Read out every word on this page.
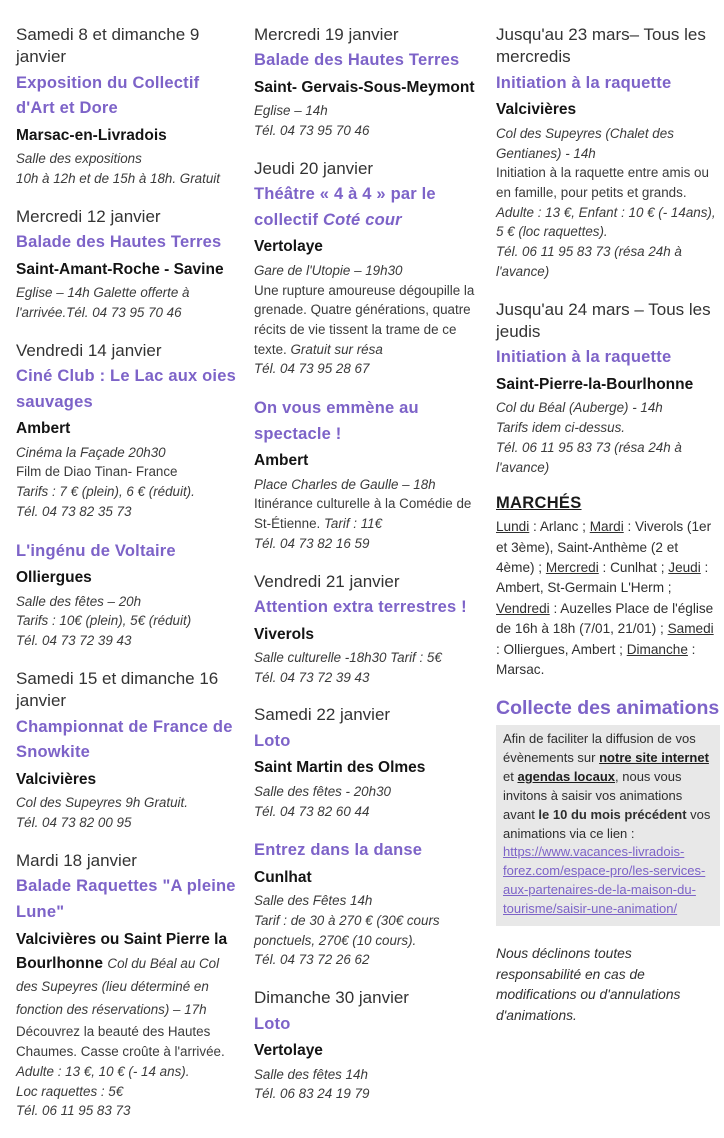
Samedi 8 et dimanche 9 janvier
Exposition du Collectif d'Art et Dore
Marsac-en-Livradois
Salle des expositions
10h à 12h et de 15h à 18h. Gratuit
Mercredi 12 janvier
Balade des Hautes Terres
Saint-Amant-Roche - Savine
Eglise – 14h Galette offerte à l'arrivée.Tél. 04 73 95 70 46
Vendredi 14 janvier
Ciné Club : Le Lac aux oies sauvages
Ambert
Cinéma la Façade 20h30
Film de Diao Tinan- France
Tarifs : 7 € (plein), 6 € (réduit).
Tél. 04 73 82 35 73
L'ingénu de Voltaire
Olliergues
Salle des fêtes – 20h
Tarifs : 10€ (plein), 5€ (réduit)
Tél. 04 73 72 39 43
Samedi 15 et dimanche 16 janvier
Championnat de France de Snowkite
Valcivières
Col des Supeyres 9h Gratuit.
Tél. 04 73 82 00 95
Mardi 18 janvier
Balade Raquettes "A pleine Lune"
Valcivières ou Saint Pierre la Bourlhonne Col du Béal au Col des Supeyres (lieu déterminé en fonction des réservations) – 17h
Découvrez la beauté des Hautes Chaumes. Casse croûte à l'arrivée.
Adulte : 13 €, 10 € (- 14 ans).
Loc raquettes : 5€
Tél. 06 11 95 83 73
Mercredi 19 janvier
Balade des Hautes Terres
Saint- Gervais-Sous-Meymont
Eglise – 14h
Tél. 04 73 95 70 46
Jeudi 20 janvier
Théâtre « 4 à 4 » par le collectif Coté cour
Vertolaye
Gare de l'Utopie – 19h30
Une rupture amoureuse dégoupille la grenade. Quatre générations, quatre récits de vie tissent la trame de ce texte. Gratuit sur résa
Tél. 04 73 95 28 67
On vous emmène au spectacle !
Ambert
Place Charles de Gaulle – 18h
Itinérance culturelle à la Comédie de St-Étienne. Tarif : 11€
Tél. 04 73 82 16 59
Vendredi 21 janvier
Attention extra terrestres !
Viverols
Salle culturelle -18h30 Tarif : 5€
Tél. 04 73 72 39 43
Samedi 22 janvier
Loto
Saint Martin des Olmes
Salle des fêtes - 20h30
Tél. 04 73 82 60 44
Entrez dans la danse
Cunlhat
Salle des Fêtes 14h
Tarif : de 30 à 270 € (30€ cours ponctuels, 270€ (10 cours).
Tél. 04 73 72 26 62
Dimanche 30 janvier
Loto
Vertolaye
Salle des fêtes 14h
Tél. 06 83 24 19 79
Jusqu'au 23 mars– Tous les mercredis
Initiation à la raquette
Valcivières
Col des Supeyres (Chalet des Gentianes) - 14h
Initiation à la raquette entre amis ou en famille, pour petits et grands. Adulte : 13 €, Enfant : 10 € (- 14ans), 5 € (loc raquettes).
Tél. 06 11 95 83 73 (résa 24h à l'avance)
Jusqu'au 24 mars – Tous les jeudis
Initiation à la raquette
Saint-Pierre-la-Bourlhonne
Col du Béal (Auberge) - 14h
Tarifs idem ci-dessus.
Tél. 06 11 95 83 73 (résa 24h à l'avance)
MARCHÉS

Lundi : Arlanc ; Mardi : Viverols (1er et 3ème), Saint-Anthème (2 et 4ème) ; Mercredi : Cunlhat ; Jeudi : Ambert, St-Germain L'Herm ; Vendredi : Auzelles Place de l'église de 16h à 18h (7/01, 21/01) ; Samedi : Olliergues, Ambert ; Dimanche : Marsac.

Collecte des animations
Afin de faciliter la diffusion de vos évènements sur notre site internet et agendas locaux, nous vous invitons à saisir vos animations avant le 10 du mois précédent vos animations via ce lien : https://www.vacances-livradois-forez.com/espace-pro/les-services-aux-partenaires-de-la-maison-du-tourisme/saisir-une-animation/
Nous déclinons toutes responsabilité en cas de modifications ou d'annulations d'animations.
